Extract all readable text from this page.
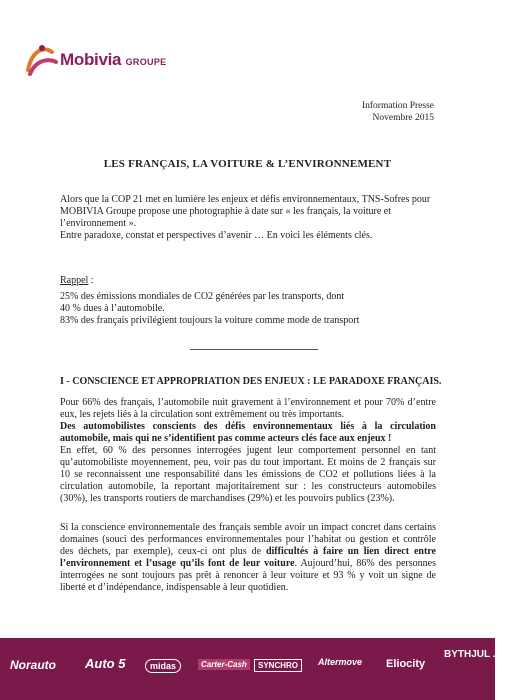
Mobivia GROUPE
Information Presse
Novembre 2015
LES FRANÇAIS, LA VOITURE & L’ENVIRONNEMENT
Alors que la COP 21 met en lumière les enjeux et défis environnementaux, TNS-Sofres pour MOBIVIA Groupe propose une photographie à date sur « les français, la voiture et l’environnement ».
Entre paradoxe, constat et perspectives d’avenir … En voici les éléments clés.
Rappel :
25% des émissions mondiales de CO2 générées par les transports, dont
40 % dues à l’automobile.
83% des français privilégient toujours la voiture comme mode de transport
I - CONSCIENCE ET APPROPRIATION DES ENJEUX : LE PARADOXE FRANÇAIS.
Pour 66% des français, l’automobile nuit gravement à l’environnement et pour 70% d’entre eux, les rejets liés à la circulation sont extrêmement ou très importants.
Des automobilistes conscients des défis environnementaux liés à la circulation automobile, mais qui ne s’identifient pas comme acteurs clés face aux enjeux !
En effet, 60 % des personnes interrogées jugent leur comportement personnel en tant qu’automobiliste moyennement, peu, voir pas du tout important. Et moins de 2 français sur 10 se reconnaissent une responsabilité dans les émissions de CO2 et pollutions liées à la circulation automobile, la reportant majoritairement sur : les constructeurs automobiles (30%), les transports routiers de marchandises (29%) et les pouvoirs publics (23%).
Si la conscience environnementale des français semble avoir un impact concret dans certains domaines (souci des performances environnementales pour l’habitat ou gestion et contrôle des déchets, par exemple), ceux-ci ont plus de difficultés à faire un lien direct entre l’environnement et l’usage qu’ils font de leur voiture. Aujourd’hui, 86% des personnes interrogées ne sont toujours pas prêt à renoncer à leur voiture et 93 % y voit un signe de liberté et d’indépendance, indispensable à leur quotidien.
Norauto Auto 5	midas	Carter-Cash	SYNCHRO	Altermove Eliocity
BYTHJUL .COM
